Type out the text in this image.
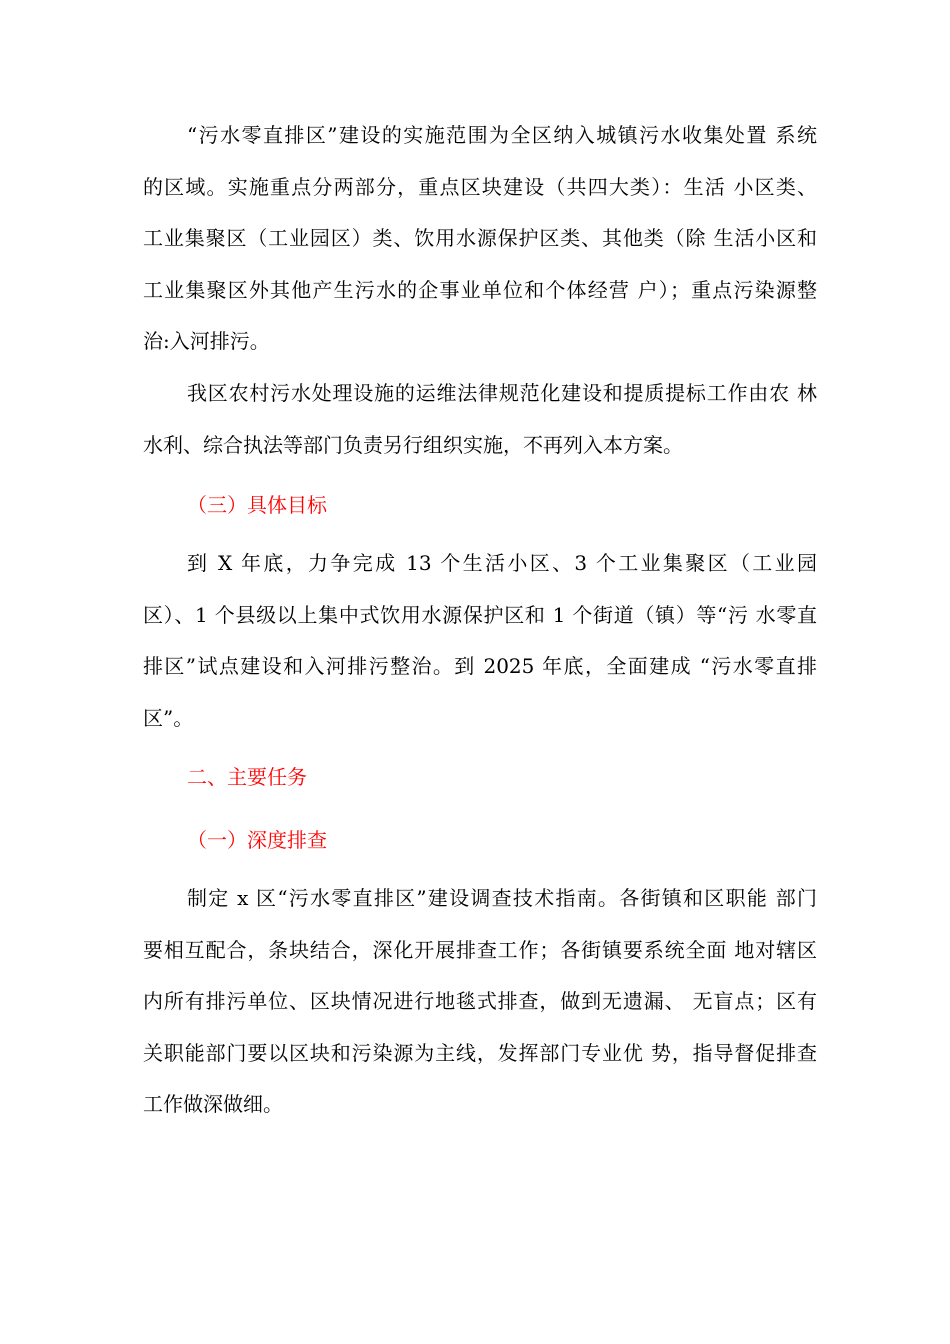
“污水零直排区”建设的实施范围为全区纳入城镇污水收集处置 系统
的区域。实施重点分两部分，重点区块建设（共四大类）：生活 小区类、
工业集聚区（工业园区）类、饮用水源保护区类、其他类（除 生活小区和
工业集聚区外其他产生污水的企事业单位和个体经营 户）；重点污染源整
治:入河排污。
我区农村污水处理设施的运维法律规范化建设和提质提标工作由农 林
水利、综合执法等部门负责另行组织实施，不再列入本方案。
（三）具体目标
到 X 年底，力争完成 13 个生活小区、3 个工业集聚区（工业园
区）、1 个县级以上集中式饮用水源保护区和 1 个街道（镇）等“污 水零直
排区”试点建设和入河排污整治。到 2025 年底，全面建成 “污水零直排
区”。
二、主要任务
（一）深度排查
制定 x 区“污水零直排区”建设调查技术指南。各街镇和区职能 部门
要相互配合，条块结合，深化开展排查工作；各街镇要系统全面 地对辖区
内所有排污单位、区块情况进行地毯式排查，做到无遗漏、 无盲点；区有
关职能部门要以区块和污染源为主线，发挥部门专业优 势，指导督促排查
工作做深做细。
